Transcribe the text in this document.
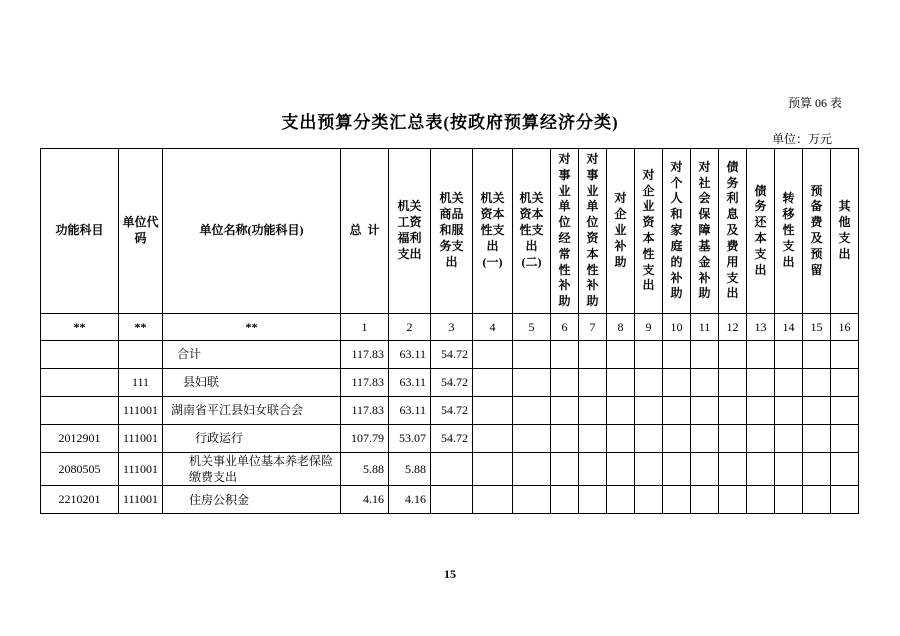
预算 06 表
支出预算分类汇总表(按政府预算经济分类)
单位：万元
功能科目	单位代码	单位名称(功能科目)	总  计	机关工资福利支出	机关商品和服务支出	机关资本性支出(一)	机关资本性支出(二)	对事业单位经常性补助	对事业单位资本性补助	对企业补助	对企业资本性支出	对个人和家庭的补助	对社会保障基金补助	债务利息及费用支出	债务还本支出	转移性支出	预备费及预留	其他支出

**	**	**	1	2	3	4	5	6	7	8	9	10	11	12	13	14	15	16
		合计	117.83	63.11	54.72													
	111	县妇联	117.83	63.11	54.72													
	111001	湖南省平江县妇女联合会	117.83	63.11	54.72													
2012901	111001	行政运行	107.79	53.07	54.72													
2080505	111001	机关事业单位基本养老保险缴费支出	5.88	5.88														
2210201	111001	住房公积金	4.16	4.16														
15
